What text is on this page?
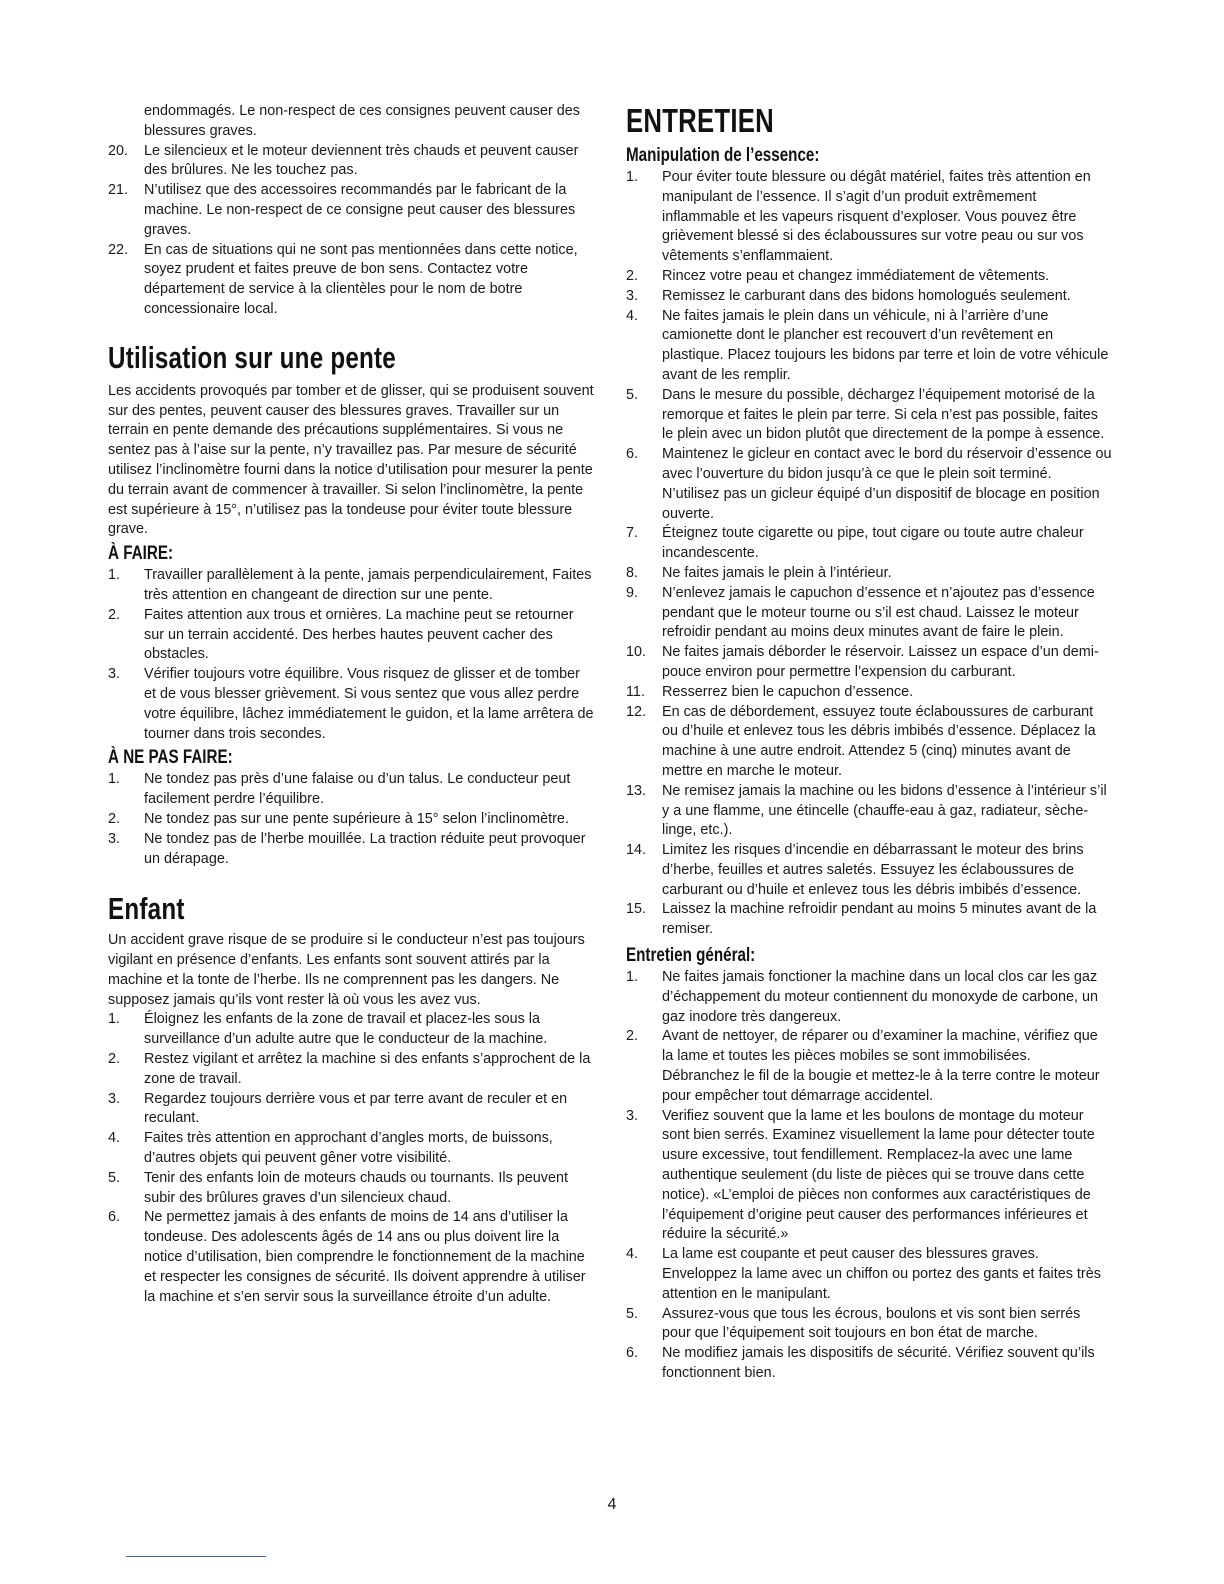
endommagés. Le non-respect de ces consignes peuvent causer des blessures graves.

20. Le silencieux et le moteur deviennent très chauds et peuvent causer des brûlures. Ne les touchez pas.
21. N’utilisez que des accessoires recommandés par le fabricant de la machine. Le non-respect de ce consigne peut causer des blessures graves.
22. En cas de situations qui ne sont pas mentionnées dans cette notice, soyez prudent et faites preuve de bon sens. Contactez votre département de service à la clientèles pour le nom de botre concessionaire local.
Utilisation sur une pente

Les accidents provoqués par tomber et de glisser, qui se produisent souvent sur des pentes, peuvent causer des blessures graves. Travailler sur un terrain en pente demande des précautions supplémentaires. Si vous ne sentez pas à l’aise sur la pente, n’y travaillez pas. Par mesure de sécurité utilisez l’inclinomètre fourni dans la notice d’utilisation pour mesurer la pente du terrain avant de commencer à travailler. Si selon l’inclinomètre, la pente est supérieure à 15°, n’utilisez pas la tondeuse pour éviter toute blessure grave.

À FAIRE:
1. Travailler parallèlement à la pente, jamais perpendiculairement, Faites très attention en changeant de direction sur une pente.
2. Faites attention aux trous et ornières. La machine peut se retourner sur un terrain accidenté. Des herbes hautes peuvent cacher des obstacles.
3. Vérifier toujours votre équilibre. Vous risquez de glisser et de tomber et de vous blesser grièvement. Si vous sentez que vous allez perdre votre équilibre, lâchez immédiatement le guidon, et la lame arrêtera de tourner dans trois secondes.
À NE PAS FAIRE:
1. Ne tondez pas près d’une falaise ou d’un talus. Le conducteur peut facilement perdre l’équilibre.
2. Ne tondez pas sur une pente supérieure à 15° selon l’inclinomètre.
3. Ne tondez pas de l’herbe mouillée. La traction réduite peut provoquer un dérapage.
Enfant

Un accident grave risque de se produire si le conducteur n’est pas toujours vigilant en présence d’enfants. Les enfants sont souvent attirés par la machine et la tonte de l’herbe. Ils ne comprennent pas les dangers. Ne supposez jamais qu’ils vont rester là où vous les avez vus.

1. Éloignez les enfants de la zone de travail et placez-les sous la surveillance d’un adulte autre que le conducteur de la machine.
2. Restez vigilant et arrêtez la machine si des enfants s’approchent de la zone de travail.
3. Regardez toujours derrière vous et par terre avant de reculer et en reculant.
4. Faites très attention en approchant d’angles morts, de buissons, d’autres objets qui peuvent gêner votre visibilité.
5. Tenir des enfants loin de moteurs chauds ou tournants. Ils peuvent subir des brûlures graves d’un silencieux chaud.
6. Ne permettez jamais à des enfants de moins de 14 ans d’utiliser la tondeuse. Des adolescents âgés de 14 ans ou plus doivent lire la notice d’utilisation, bien comprendre le fonctionnement de la machine et respecter les consignes de sécurité. Ils doivent apprendre à utiliser la machine et s’en servir sous la surveillance étroite d’un adulte.
ENTRETIEN
Manipulation de l’essence:
1. Pour éviter toute blessure ou dégât matériel, faites très attention en manipulant de l’essence. Il s’agit d’un produit extrêmement inflammable et les vapeurs risquent d’exploser. Vous pouvez être grièvement blessé si des éclaboussures sur votre peau ou sur vos vêtements s’enflammaient.
2. Rincez votre peau et changez immédiatement de vêtements.
3. Remissez le carburant dans des bidons homologués seulement.
4. Ne faites jamais le plein dans un véhicule, ni à l’arrière d’une camionette dont le plancher est recouvert d’un revêtement en plastique. Placez toujours les bidons par terre et loin de votre véhicule avant de les remplir.
5. Dans le mesure du possible, déchargez l’équipement motorisé de la remorque et faites le plein par terre. Si cela n’est pas possible, faites le plein avec un bidon plutôt que directement de la pompe à essence.
6. Maintenez le gicleur en contact avec le bord du réservoir d’essence ou avec l’ouverture du bidon jusqu’à ce que le plein soit terminé. N’utilisez pas un gicleur équipé d’un dispositif de blocage en position ouverte.
7. Éteignez toute cigarette ou pipe, tout cigare ou toute autre chaleur incandescente.
8. Ne faites jamais le plein à l’intérieur.
9. N’enlevez jamais le capuchon d’essence et n’ajoutez pas d’essence pendant que le moteur tourne ou s’il est chaud. Laissez le moteur refroidir pendant au moins deux minutes avant de faire le plein.
10. Ne faites jamais déborder le réservoir. Laissez un espace d’un demi-pouce environ pour permettre l’expension du carburant.
11. Resserrez bien le capuchon d’essence.
12. En cas de débordement, essuyez toute éclaboussures de carburant ou d’huile et enlevez tous les débris imbibés d’essence. Déplacez la machine à une autre endroit. Attendez 5 (cinq) minutes avant de mettre en marche le moteur.
13. Ne remisez jamais la machine ou les bidons d’essence à l’intérieur s’il y a une flamme, une étincelle (chauffe-eau à gaz, radiateur, sèche-linge, etc.).
14. Limitez les risques d’incendie en débarrassant le moteur des brins d’herbe, feuilles et autres saletés. Essuyez les éclaboussures de carburant ou d’huile et enlevez tous les débris imbibés d’essence.
15. Laissez la machine refroidir pendant au moins 5 minutes avant de la remiser.
Entretien général:
1. Ne faites jamais fonctioner la machine dans un local clos car les gaz d’échappement du moteur contiennent du monoxyde de carbone, un gaz inodore très dangereux.
2. Avant de nettoyer, de réparer ou d’examiner la machine, vérifiez que la lame et toutes les pièces mobiles se sont immobilisées. Débranchez le fil de la bougie et mettez-le à la terre contre le moteur pour empêcher tout démarrage accidentel.
3. Verifiez souvent que la lame et les boulons de montage du moteur sont bien serrés. Examinez visuellement la lame pour détecter toute usure excessive, tout fendillement. Remplacez-la avec une lame authentique seulement (du liste de pièces qui se trouve dans cette notice). «L’emploi de pièces non conformes aux caractéristiques de l’équipement d’origine peut causer des performances inférieures et réduire la sécurité.»
4. La lame est coupante et peut causer des blessures graves. Enveloppez la lame avec un chiffon ou portez des gants et faites très attention en le manipulant.
5. Assurez-vous que tous les écrous, boulons et vis sont bien serrés pour que l’équipement soit toujours en bon état de marche.
6. Ne modifiez jamais les dispositifs de sécurité. Vérifiez souvent qu’ils fonctionnent bien.
4
